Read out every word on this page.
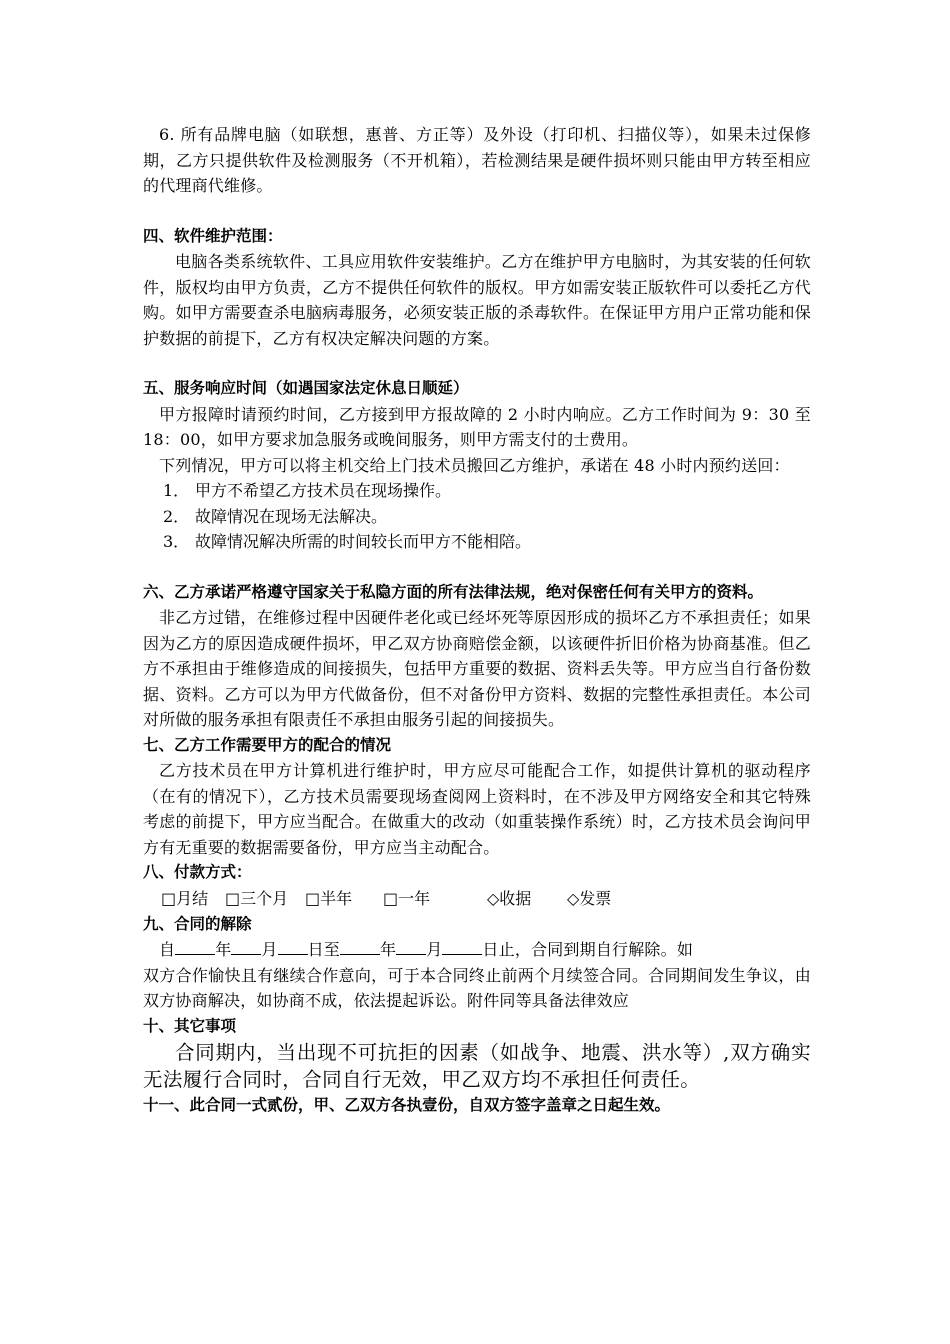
6. 所有品牌电脑（如联想，惠普、方正等）及外设（打印机、扫描仪等），如果未过保修期，乙方只提供软件及检测服务（不开机箱），若检测结果是硬件损坏则只能由甲方转至相应的代理商代维修。

四、软件维护范围：

电脑各类系统软件、工具应用软件安装维护。乙方在维护甲方电脑时，为其安装的任何软件，版权均由甲方负责，乙方不提供任何软件的版权。甲方如需安装正版软件可以委托乙方代购。如甲方需要查杀电脑病毒服务，必须安装正版的杀毒软件。在保证甲方用户正常功能和保护数据的前提下，乙方有权决定解决问题的方案。

五、服务响应时间（如遇国家法定休息日顺延）

甲方报障时请预约时间，乙方接到甲方报故障的 2 小时内响应。乙方工作时间为 9：30 至 18：00，如甲方要求加急服务或晚间服务，则甲方需支付的士费用。

下列情况，甲方可以将主机交给上门技术员搬回乙方维护，承诺在 48 小时内预约送回：

1． 甲方不希望乙方技术员在现场操作。

2． 故障情况在现场无法解决。

3． 故障情况解决所需的时间较长而甲方不能相陪。

六、乙方承诺严格遵守国家关于私隐方面的所有法律法规，绝对保密任何有关甲方的资料。

非乙方过错，在维修过程中因硬件老化或已经坏死等原因形成的损坏乙方不承担责任；如果因为乙方的原因造成硬件损坏，甲乙双方协商赔偿金额，以该硬件折旧价格为协商基准。但乙方不承担由于维修造成的间接损失，包括甲方重要的数据、资料丢失等。甲方应当自行备份数据、资料。乙方可以为甲方代做备份，但不对备份甲方资料、数据的完整性承担责任。本公司对所做的服务承担有限责任不承担由服务引起的间接损失。

七、乙方工作需要甲方的配合的情况

乙方技术员在甲方计算机进行维护时，甲方应尽可能配合工作，如提供计算机的驱动程序（在有的情况下），乙方技术员需要现场查阅网上资料时，在不涉及甲方网络安全和其它特殊考虑的前提下，甲方应当配合。在做重大的改动（如重装操作系统）时，乙方技术员会询问甲方有无重要的数据需要备份，甲方应当主动配合。

八、付款方式：

□月结 □三个月 □半年 □一年	◇收据 ◇发票

九、合同的解除

自	年 月 日至	年 月	日止，合同到期自行解除。如

双方合作愉快且有继续合作意向，可于本合同终止前两个月续签合同。合同期间发生争议，由双方协商解决，如协商不成，依法提起诉讼。附件同等具备法律效应

十、其它事项

合同期内，当出现不可抗拒的因素（如战争、地震、洪水等）,双方确实无法履行合同时，合同自行无效，甲乙双方均不承担任何责任。

十一、此合同一式贰份，甲、乙双方各执壹份，自双方签字盖章之日起生效。
